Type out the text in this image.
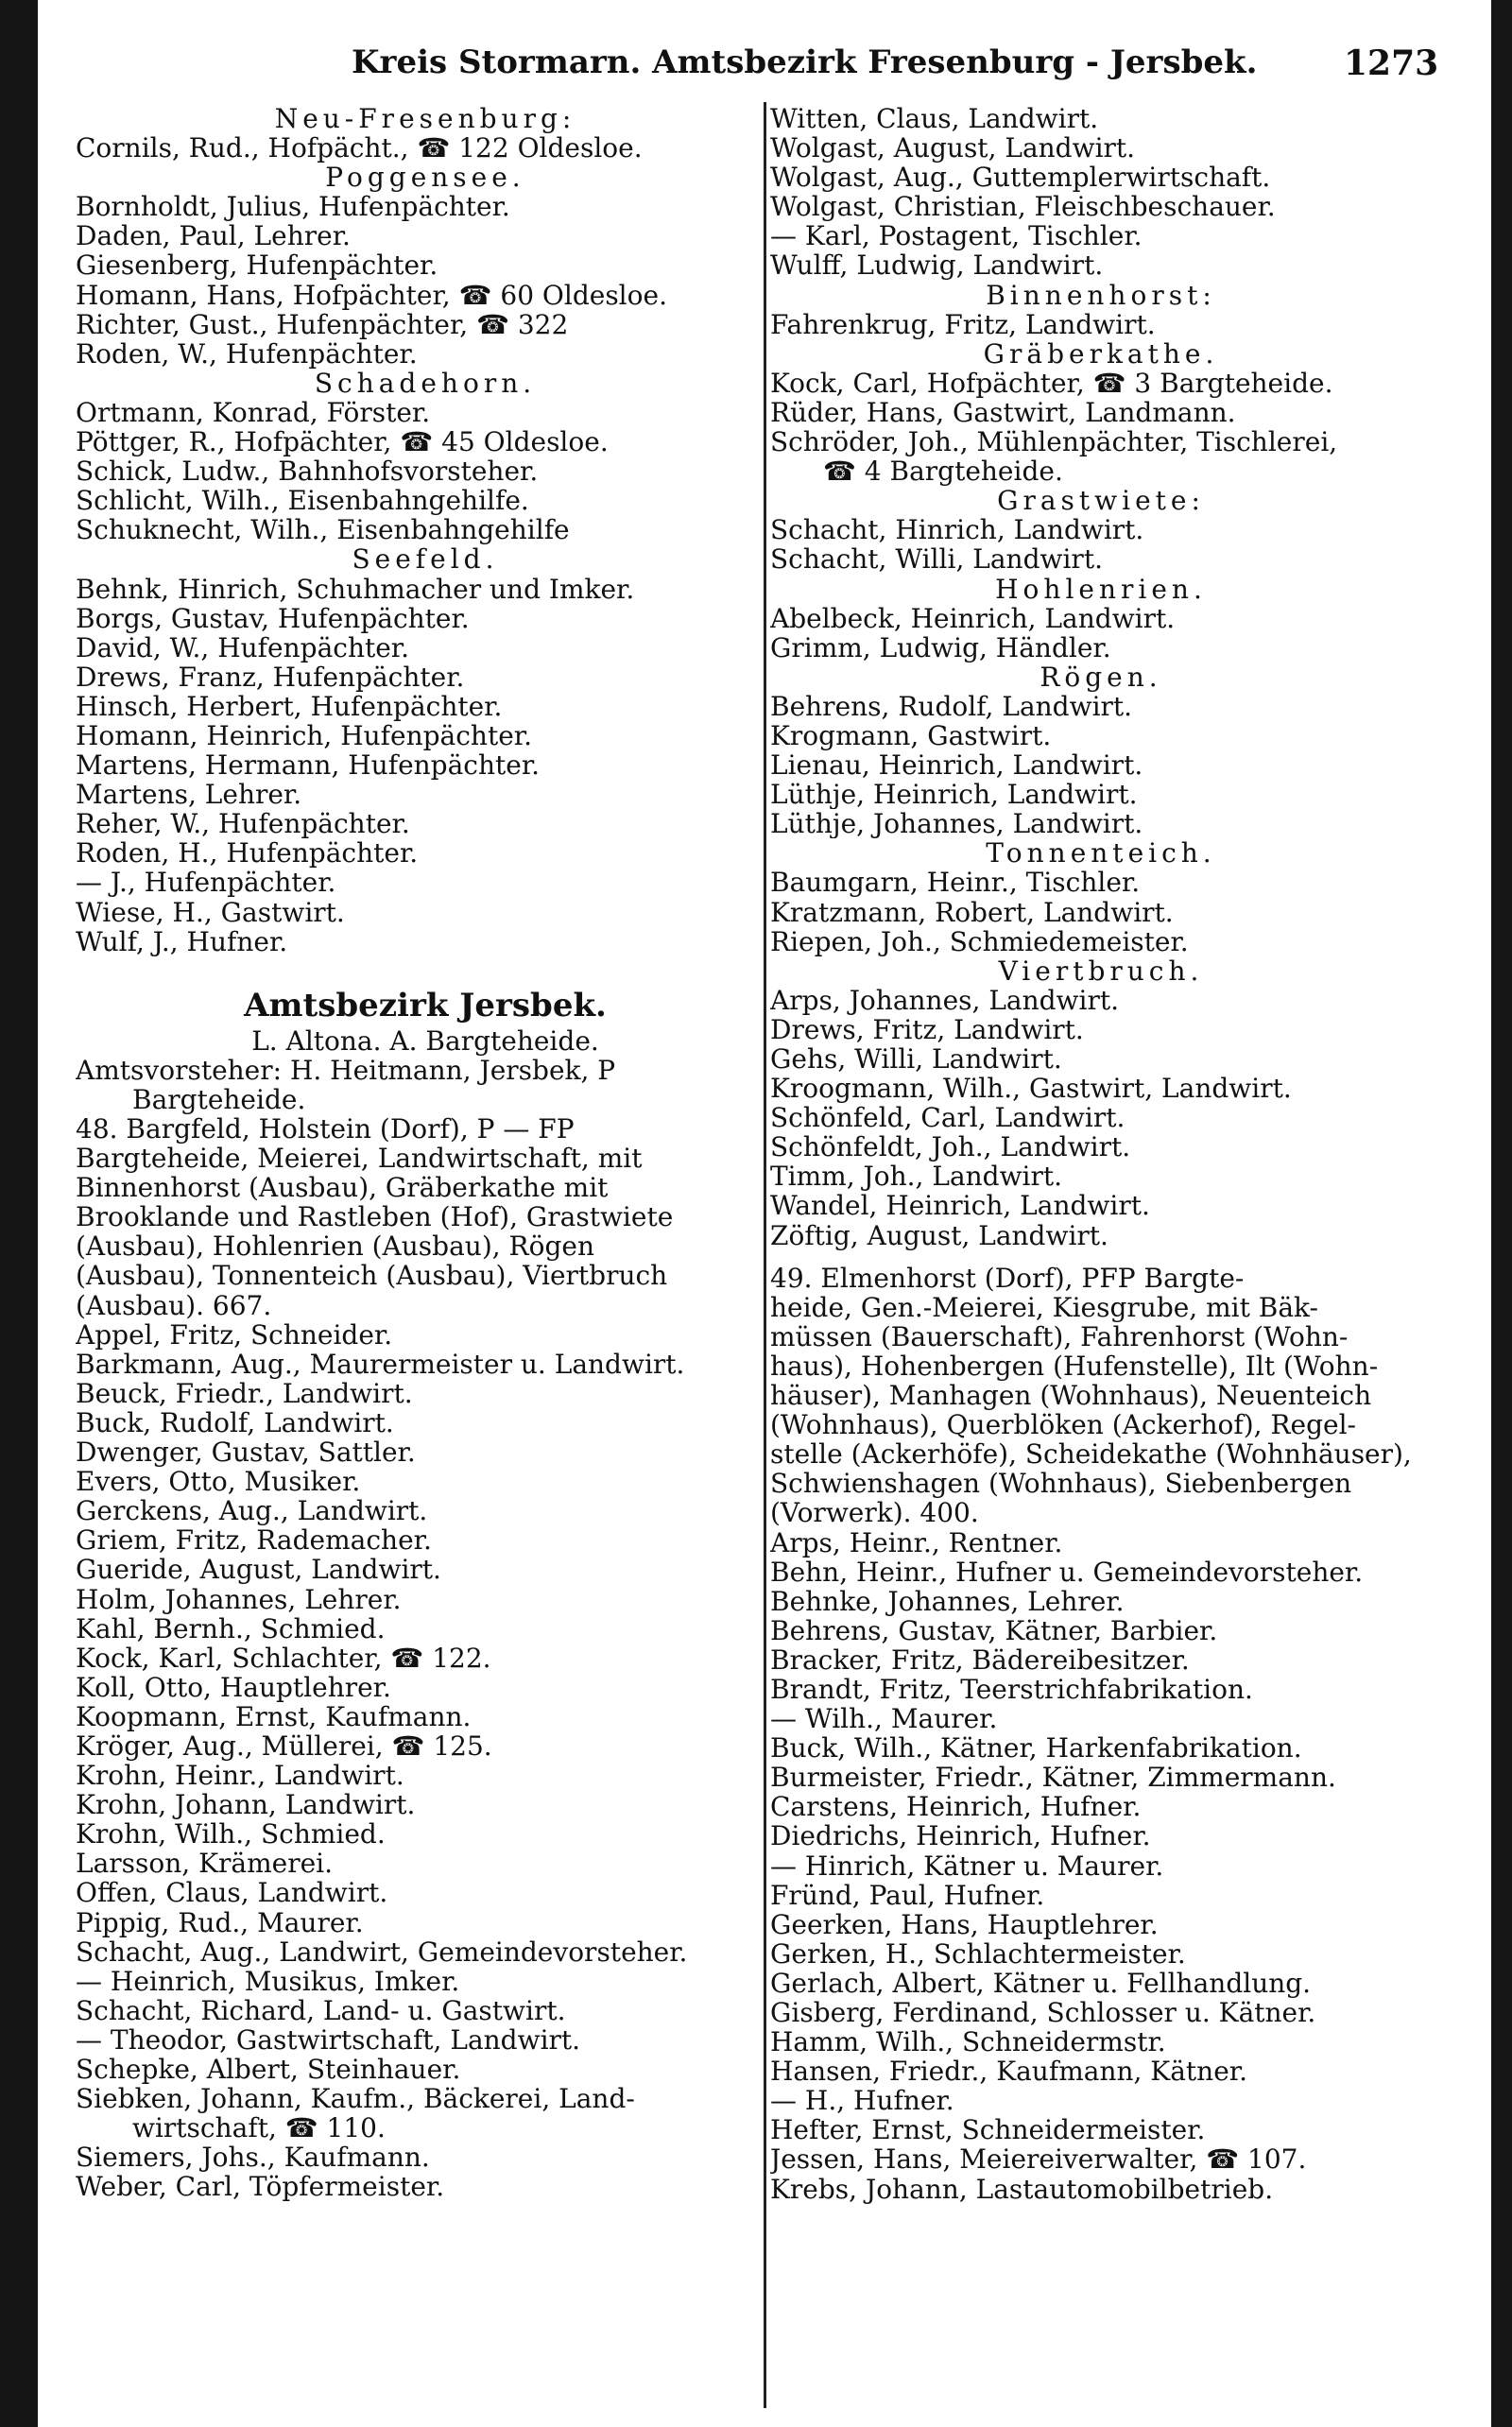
Kreis Stormarn. Amtsbezirk Fresenburg - Jersbek.	1273
Neu-Fresenburg:
Cornils, Rud., Hofpächt., ☎ 122 Oldesloe.
Poggensee.
Bornholdt, Julius, Hufenpächter.
Daden, Paul, Lehrer.
Giesenberg, Hufenpächter.
Homann, Hans, Hofpächter, ☎ 60 Oldesloe.
Richter, Gust., Hufenpächter, ☎ 322
Roden, W., Hufenpächter.
Schadehorn.
Ortmann, Konrad, Förster.
Pöttger, R., Hofpächter, ☎ 45 Oldesloe.
Schick, Ludw., Bahnhofsvorsteher.
Schlicht, Wilh., Eisenbahngehilfe.
Schuknecht, Wilh., Eisenbahngehilfe
Seefeld.
Behnk, Hinrich, Schuhmacher und Imker.
Borgs, Gustav, Hufenpächter.
David, W., Hufenpächter.
Drews, Franz, Hufenpächter.
Hinsch, Herbert, Hufenpächter.
Homann, Heinrich, Hufenpächter.
Martens, Hermann, Hufenpächter.
Martens, Lehrer.
Reher, W., Hufenpächter.
Roden, H., Hufenpächter.
— J., Hufenpächter.
Wiese, H., Gastwirt.
Wulf, J., Hufner.
Amtsbezirk Jersbek.
L. Altona. A. Bargteheide.
Amtsvorsteher: H. Heitmann, Jersbek, P
Bargteheide.
48. Bargfeld, Holstein (Dorf), P — FP
Bargteheide, Meierei, Landwirtschaft, mit
Binnenhorst (Ausbau), Gräberkathe mit
Brooklande und Rastleben (Hof), Grastwiete
(Ausbau), Hohlenrien (Ausbau), Rögen
(Ausbau), Tonnenteich (Ausbau), Viertbruch
(Ausbau). 667.
Appel, Fritz, Schneider.
Barkmann, Aug., Maurermeister u. Landwirt.
Beuck, Friedr., Landwirt.
Buck, Rudolf, Landwirt.
Dwenger, Gustav, Sattler.
Evers, Otto, Musiker.
Gerckens, Aug., Landwirt.
Griem, Fritz, Rademacher.
Gueride, August, Landwirt.
Holm, Johannes, Lehrer.
Kahl, Bernh., Schmied.
Kock, Karl, Schlachter, ☎ 122.
Koll, Otto, Hauptlehrer.
Koopmann, Ernst, Kaufmann.
Kröger, Aug., Müllerei, ☎ 125.
Krohn, Heinr., Landwirt.
Krohn, Johann, Landwirt.
Krohn, Wilh., Schmied.
Larsson, Krämerei.
Offen, Claus, Landwirt.
Pippig, Rud., Maurer.
Schacht, Aug., Landwirt, Gemeindevorsteher.
— Heinrich, Musikus, Imker.
Schacht, Richard, Land- u. Gastwirt.
— Theodor, Gastwirtschaft, Landwirt.
Schepke, Albert, Steinhauer.
Siebken, Johann, Kaufm., Bäckerei, Land-
wirtschaft, ☎ 110.
Siemers, Johs., Kaufmann.
Weber, Carl, Töpfermeister.
Witten, Claus, Landwirt.
Wolgast, August, Landwirt.
Wolgast, Aug., Guttemplerwirtschaft.
Wolgast, Christian, Fleischbeschauer.
— Karl, Postagent, Tischler.
Wulff, Ludwig, Landwirt.
Binnenhorst:
Fahrenkrug, Fritz, Landwirt.
Gräberkathe.
Kock, Carl, Hofpächter, ☎ 3 Bargteheide.
Rüder, Hans, Gastwirt, Landmann.
Schröder, Joh., Mühlenpächter, Tischlerei,
☎ 4 Bargteheide.
Grastwiete:
Schacht, Hinrich, Landwirt.
Schacht, Willi, Landwirt.
Hohlenrien.
Abelbeck, Heinrich, Landwirt.
Grimm, Ludwig, Händler.
Rögen.
Behrens, Rudolf, Landwirt.
Krogmann, Gastwirt.
Lienau, Heinrich, Landwirt.
Lüthje, Heinrich, Landwirt.
Lüthje, Johannes, Landwirt.
Tonnenteich.
Baumgarn, Heinr., Tischler.
Kratzmann, Robert, Landwirt.
Riepen, Joh., Schmiedemeister.
Viertbruch.
Arps, Johannes, Landwirt.
Drews, Fritz, Landwirt.
Gehs, Willi, Landwirt.
Kroogmann, Wilh., Gastwirt, Landwirt.
Schönfeld, Carl, Landwirt.
Schönfeldt, Joh., Landwirt.
Timm, Joh., Landwirt.
Wandel, Heinrich, Landwirt.
Zöftig, August, Landwirt.
49. Elmenhorst (Dorf), PFP Bargte-
heide, Gen.-Meierei, Kiesgrube, mit Bäk-
müssen (Bauerschaft), Fahrenhorst (Wohn-
haus), Hohenbergen (Hufenstelle), Ilt (Wohn-
häuser), Manhagen (Wohnhaus), Neuenteich
(Wohnhaus), Querblöken (Ackerhof), Regel-
stelle (Ackerhöfe), Scheidekathe (Wohnhäuser),
Schwienshagen (Wohnhaus), Siebenbergen
(Vorwerk). 400.
Arps, Heinr., Rentner.
Behn, Heinr., Hufner u. Gemeindevorsteher.
Behnke, Johannes, Lehrer.
Behrens, Gustav, Kätner, Barbier.
Bracker, Fritz, Bädereibesitzer.
Brandt, Fritz, Teerstrichfabrikation.
— Wilh., Maurer.
Buck, Wilh., Kätner, Harkenfabrikation.
Burmeister, Friedr., Kätner, Zimmermann.
Carstens, Heinrich, Hufner.
Diedrichs, Heinrich, Hufner.
— Hinrich, Kätner u. Maurer.
Fründ, Paul, Hufner.
Geerken, Hans, Hauptlehrer.
Gerken, H., Schlachtermeister.
Gerlach, Albert, Kätner u. Fellhandlung.
Gisberg, Ferdinand, Schlosser u. Kätner.
Hamm, Wilh., Schneidermstr.
Hansen, Friedr., Kaufmann, Kätner.
— H., Hufner.
Hefter, Ernst, Schneidermeister.
Jessen, Hans, Meiereiverwalter, ☎ 107.
Krebs, Johann, Lastautomobilbetrieb.
